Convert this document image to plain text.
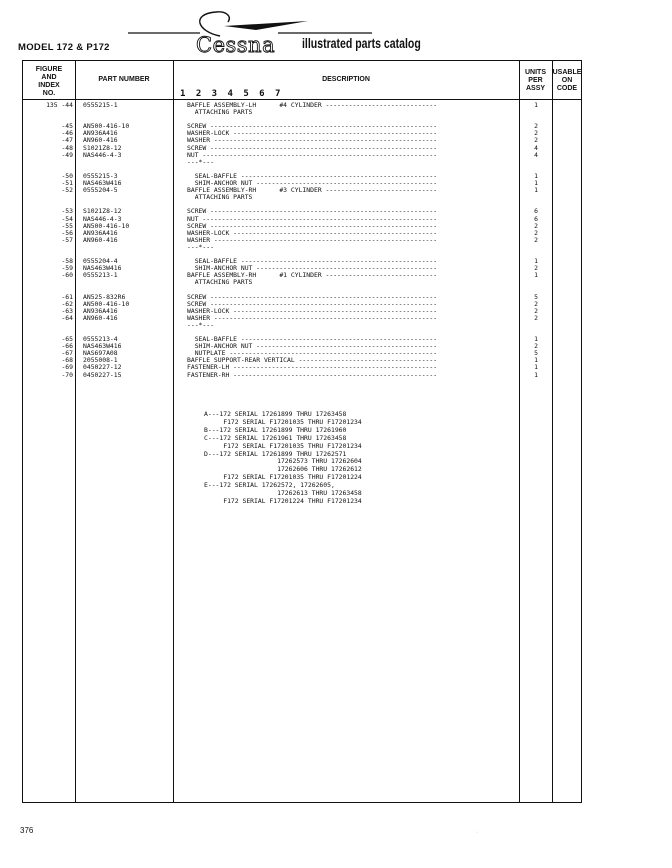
MODEL 172 & P172	Cessna illustrated parts catalog
FIGURE
AND
INDEX
NO.
PART NUMBER	DESCRIPTION
1 2 3 4 5 6 7
UNITS
PER
ASSY
USABLE
ON
CODE
135 -44 0555215-1	BAFFLE ASSEMBLY-LH      #4 CYLINDER -----------------------------	1
ATTACHING PARTS
-45 AN500-416-10	SCREW -----------------------------------------------------------	2
-46 AN936A416	WASHER-LOCK -----------------------------------------------------	2
-47 AN960-416	WASHER ----------------------------------------------------------	2
-48 S1021Z8-12	SCREW -----------------------------------------------------------	4
-49 NAS446-4-3	NUT -------------------------------------------------------------	4
---*---
-50 0555215-3	SEAL-BAFFLE ---------------------------------------------------	1
-51 NAS463W416	SHIM-ANCHOR NUT -----------------------------------------------	1
-52 0555204-5	BAFFLE ASSEMBLY-RH      #3 CYLINDER -----------------------------	1
ATTACHING PARTS
-53 S1021Z8-12	SCREW -----------------------------------------------------------	6
-54 NAS446-4-3	NUT -------------------------------------------------------------	6
-55 AN500-416-10	SCREW -----------------------------------------------------------	2
-56 AN936A416	WASHER-LOCK -----------------------------------------------------	2
-57 AN960-416	WASHER ----------------------------------------------------------	2
---*---
-58 0555204-4	SEAL-BAFFLE ---------------------------------------------------	1
-59 NAS463W416	SHIM-ANCHOR NUT -----------------------------------------------	2
-60 0555213-1	BAFFLE ASSEMBLY-RH      #1 CYLINDER -----------------------------	1
ATTACHING PARTS
-61 AN525-832R6	SCREW -----------------------------------------------------------	5
-62 AN500-416-10	SCREW -----------------------------------------------------------	2
-63 AN936A416	WASHER-LOCK -----------------------------------------------------	2
-64 AN960-416	WASHER ----------------------------------------------------------	2
---*---
-65 0555213-4	SEAL-BAFFLE ---------------------------------------------------	1
-66 NAS463W416	SHIM-ANCHOR NUT -----------------------------------------------	2
-67 NAS697A08	NUTPLATE ------------------------------------------------------	5
-68 2055008-1	BAFFLE SUPPORT-REAR VERTICAL ------------------------------------	1
-69 0450227-12	FASTENER-LH -----------------------------------------------------	1
-70 0450227-15	FASTENER-RH -----------------------------------------------------	1
A---172 SERIAL 17261899 THRU 17263458
F172 SERIAL F17201035 THRU F17201234
B---172 SERIAL 17261899 THRU 17261960
C---172 SERIAL 17261961 THRU 17263458
F172 SERIAL F17201035 THRU F17201234
D---172 SERIAL 17261899 THRU 17262571
17262573 THRU 17262604
17262606 THRU 17262612
F172 SERIAL F17201035 THRU F17201224
E---172 SERIAL 17262572, 17262605,
17262613 THRU 17263458
F172 SERIAL F17201224 THRU F17201234
376	·
